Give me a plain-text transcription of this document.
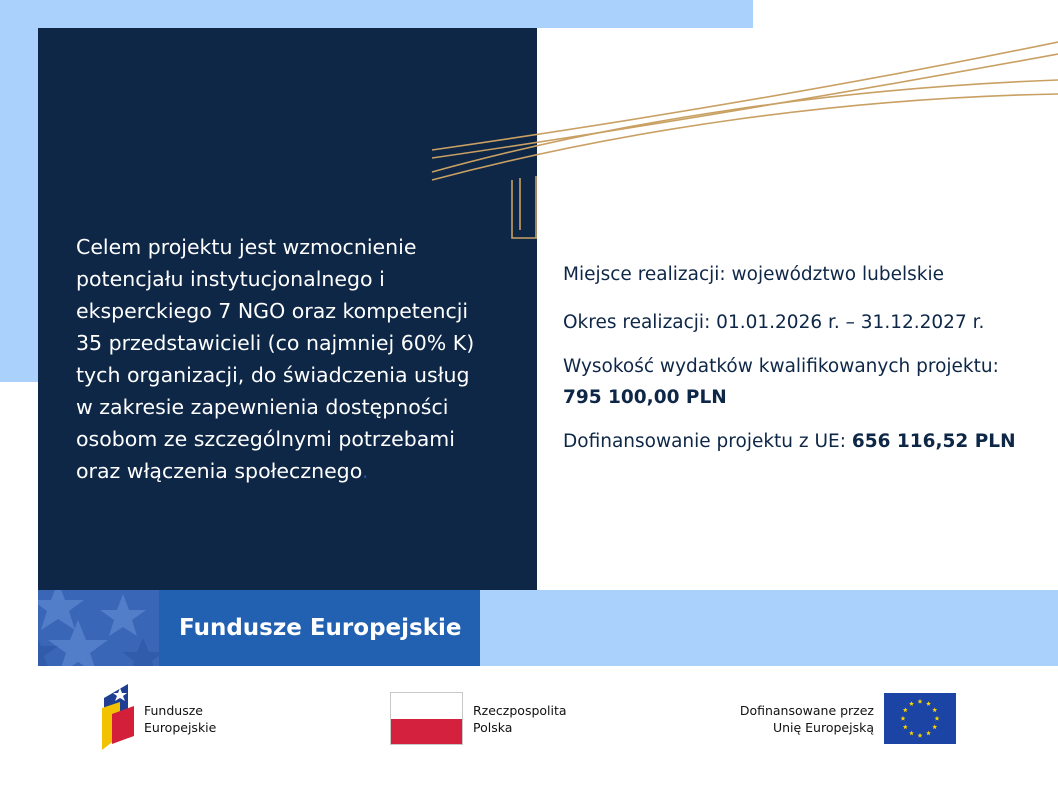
Celem projektu jest wzmocnienie
potencjału instytucjonalnego i
eksperckiego 7 NGO oraz kompetencji
35 przedstawicieli (co najmniej 60% K)
tych organizacji, do świadczenia usług
w zakresie zapewnienia dostępności
osobom ze szczególnymi potrzebami
oraz włączenia społecznego.

Miejsce realizacji: województwo lubelskie

Okres realizacji: 01.01.2026 r. – 31.12.2027 r.

Wysokość wydatków kwalifikowanych projektu:

795 100,00 PLN

Dofinansowanie projektu z UE: 656 116,52 PLN

Fundusze Europejskie
Fundusze
Europejskie
Rzeczpospolita
Polska
Dofinansowane przez
Unię Europejską
